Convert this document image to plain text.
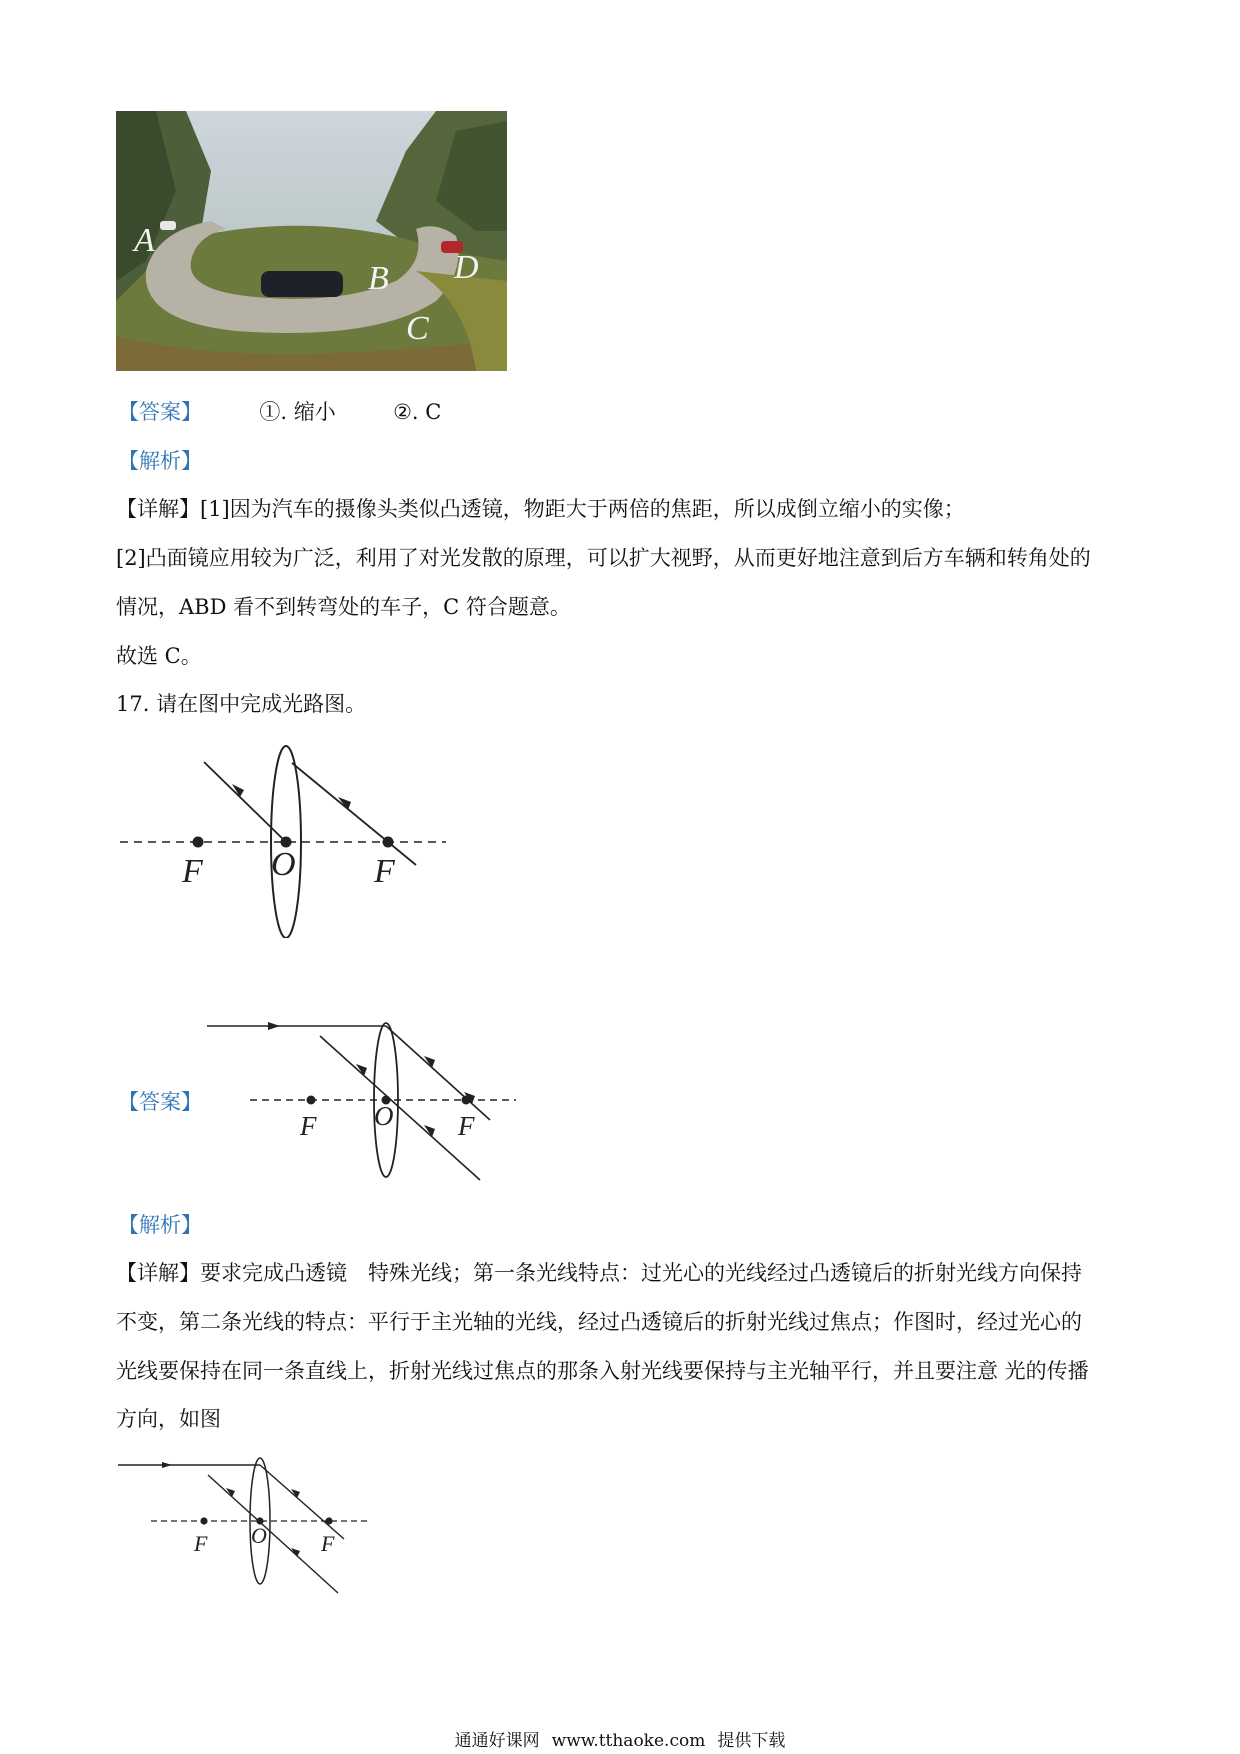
A
B
C
D
【答案】	①. 缩小	②. C
【解析】
【详解】[1]因为汽车的摄像头类似凸透镜，物距大于两倍的焦距，所以成倒立缩小的实像；
[2]凸面镜应用较为广泛，利用了对光发散的原理，可以扩大视野，从而更好地注意到后方车辆和转角处的
情况，ABD 看不到转弯处的车子，C 符合题意。
故选 C。
17. 请在图中完成光路图。
F O F
【答案】
F O F
【解析】
【详解】要求完成凸透镜　特殊光线；第一条光线特点：过光心的光线经过凸透镜后的折射光线方向保持
不变，第二条光线的特点：平行于主光轴的光线，经过凸透镜后的折射光线过焦点；作图时，经过光心的
光线要保持在同一条直线上，折射光线过焦点的那条入射光线要保持与主光轴平行，并且要注意 光的传播
方向，如图
F O F
通通好课网 www.tthaoke.com 提供下载
